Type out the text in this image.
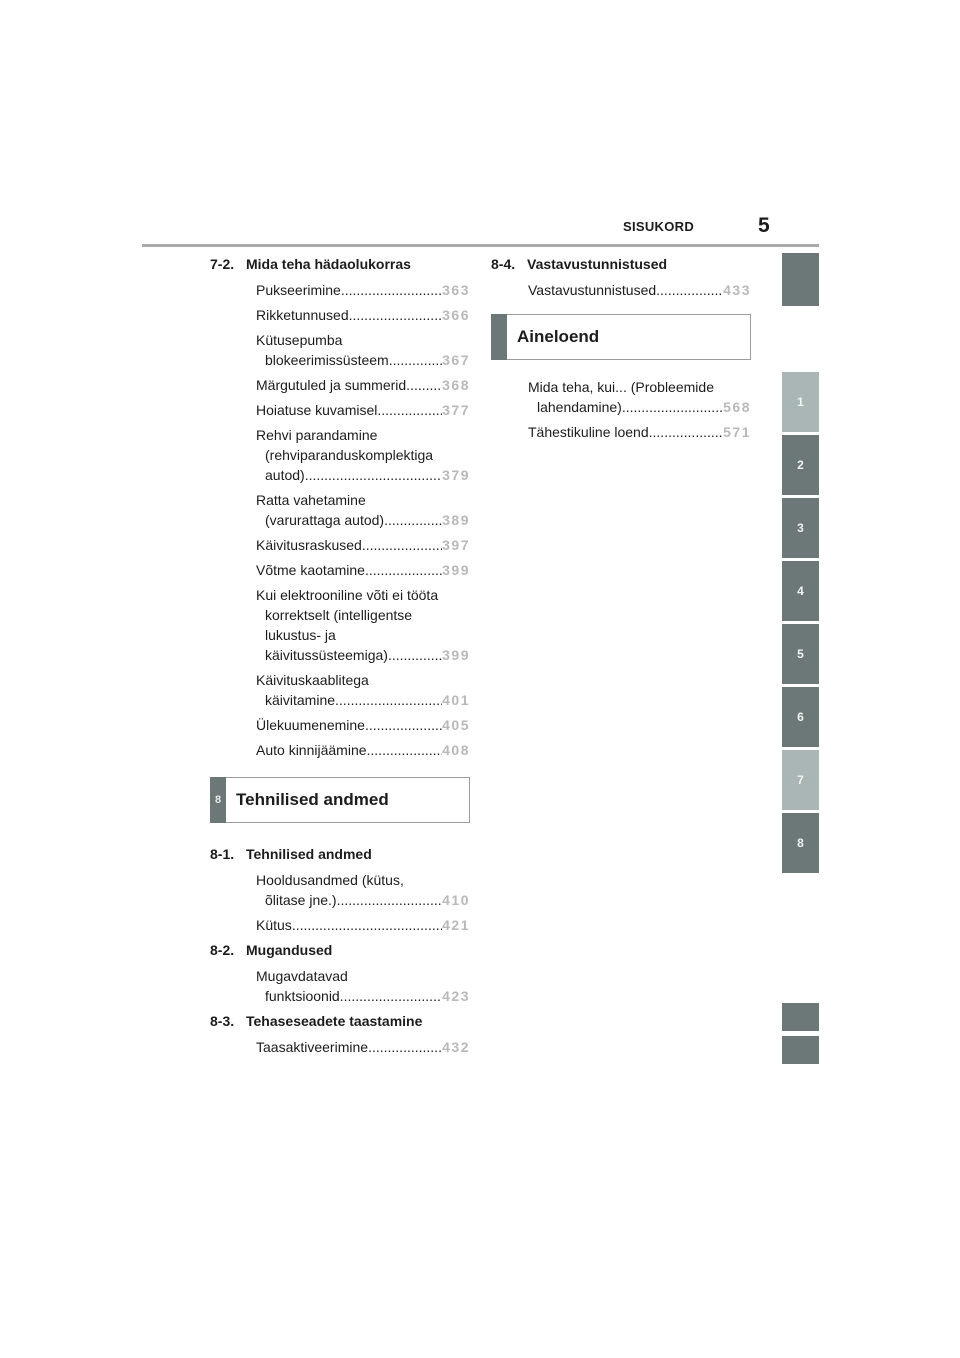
SISUKORD	5
7-2. Mida teha hädaolukorras
Pukseerimine .....	363
Rikketunnused .....	366
Kütusepumba
blokeerimissüsteem .....	367
Märgutuled ja summerid .....	368
Hoiatuse kuvamisel .....	377
Rehvi parandamine
(rehviparanduskomplektiga
autod) .....	379
Ratta vahetamine
(varurattaga autod) .....	389
Käivitusraskused .....	397
Võtme kaotamine .....	399
Kui elektrooniline võti ei tööta
korrektselt (intelligentse
lukustus- ja
käivitussüsteemiga) .....	399
Käivituskaablitega
käivitamine .....	401
Ülekuumenemine .....	405
Auto kinnijäämine .....	408
8 Tehnilised andmed
8-1. Tehnilised andmed
Hooldusandmed (kütus,
õlitase jne.) .....	410
Kütus .....	421
8-2. Mugandused
Mugavdatavad
funktsioonid .....	423
8-3. Tehaseseadete taastamine
Taasaktiveerimine .....	432
8-4. Vastavustunnistused
Vastavustunnistused .....	433
Aineloend
Mida teha, kui... (Probleemide
lahendamine) .....	568
Tähestikuline loend .....	571
1
2
3
4
5
6
7
8
